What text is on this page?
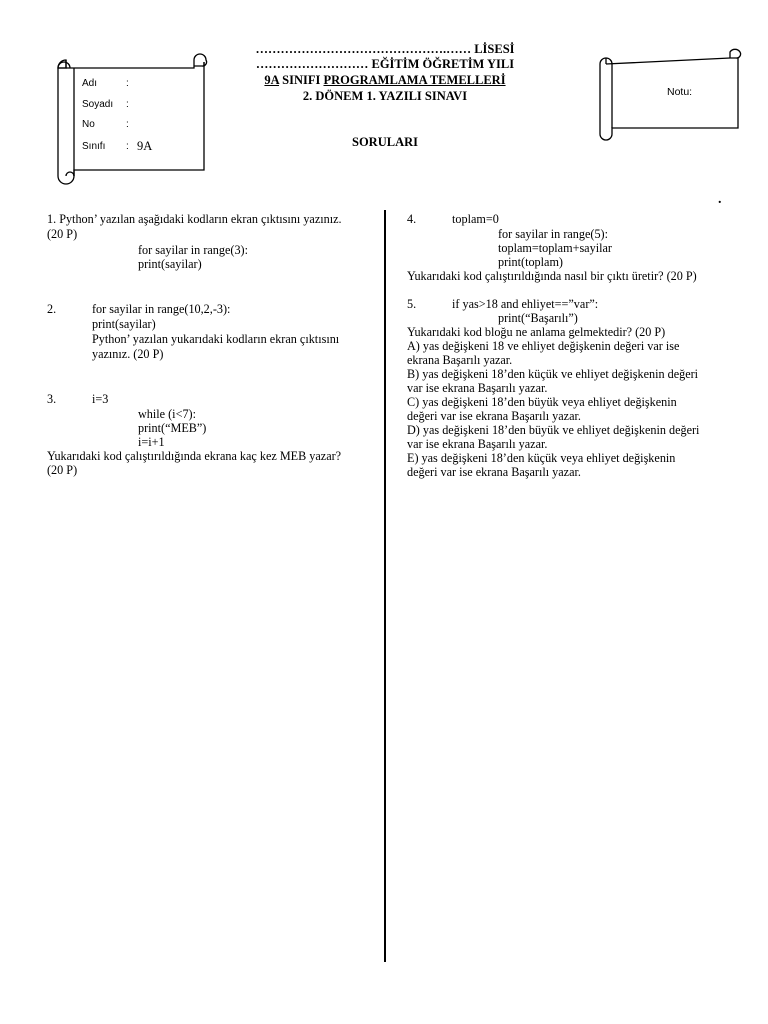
……………………………………….…… LİSESİ
……………………… EĞİTİM ÖĞRETİM YILI
9A SINIFI PROGRAMLAMA TEMELLERİ
2. DÖNEM 1. YAZILI SINAVI
SORULARI
Adı	:
Soyadı :
No	:
Sınıfı : 9A
Notu:
.
1. Python’ yazılan aşağıdaki kodların ekran çıktısını yazınız.
(20 P)
for sayilar in range(3):
print(sayilar)
2.	for sayilar in range(10,2,-3):
print(sayilar)
Python’ yazılan yukarıdaki kodların ekran çıktısını
yazınız. (20 P)
3.	i=3
while (i<7):
print(“MEB”)
i=i+1
Yukarıdaki kod çalıştırıldığında ekrana kaç kez MEB yazar?
(20 P)
4.	toplam=0
for sayilar in range(5):
toplam=toplam+sayilar
print(toplam)
Yukarıdaki kod çalıştırıldığında nasıl bir çıktı üretir? (20 P)
5.	if yas>18 and ehliyet==”var”:
print(“Başarılı”)
Yukarıdaki kod bloğu ne anlama gelmektedir? (20 P)
A) yas değişkeni 18 ve ehliyet değişkenin değeri var ise
ekrana Başarılı yazar.
B) yas değişkeni 18’den küçük ve ehliyet değişkenin değeri
var ise ekrana Başarılı yazar.
C) yas değişkeni 18’den büyük veya ehliyet değişkenin
değeri var ise ekrana Başarılı yazar.
D) yas değişkeni 18’den büyük ve ehliyet değişkenin değeri
var ise ekrana Başarılı yazar.
E) yas değişkeni 18’den küçük veya ehliyet değişkenin
değeri var ise ekrana Başarılı yazar.
